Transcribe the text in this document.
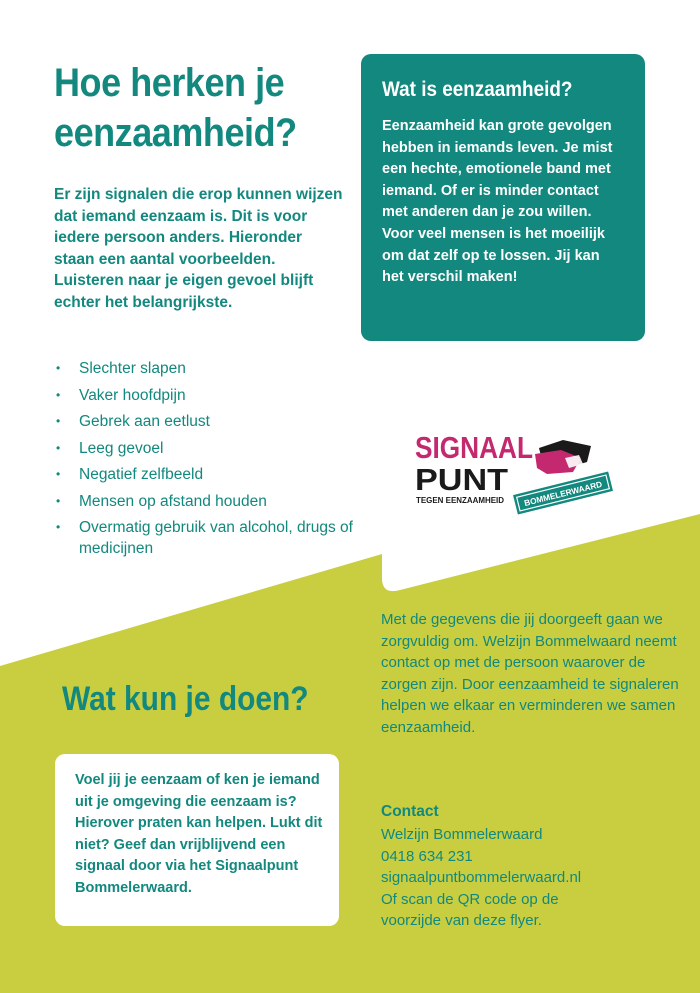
Hoe herken je eenzaamheid?

Er zijn signalen die erop kunnen wijzen dat iemand eenzaam is. Dit is voor iedere persoon anders. Hieronder staan een aantal voorbeelden. Luisteren naar je eigen gevoel blijft echter het belangrijkste.

• Slechter slapen
• Vaker hoofdpijn
• Gebrek aan eetlust
• Leeg gevoel
• Negatief zelfbeeld
• Mensen op afstand houden
• Overmatig gebruik van alcohol, drugs of medicijnen
Wat is eenzaamheid?

Eenzaamheid kan grote gevolgen hebben in iemands leven. Je mist een hechte, emotionele band met iemand. Of er is minder contact met anderen dan je zou willen. Voor veel mensen is het moeilijk om dat zelf op te lossen. Jij kan het verschil maken!

SIGNAAL
PUNT
TEGEN EENZAAMHEID BOMMELERWAARD
Wat kun je doen?

Voel jij je eenzaam of ken je iemand uit je omgeving die eenzaam is? Hierover praten kan helpen. Lukt dit niet? Geef dan vrijblijvend een signaal door via het Signaalpunt Bommelerwaard.

Met de gegevens die jij doorgeeft gaan we zorgvuldig om. Welzijn Bommelwaard neemt contact op met de persoon waarover de zorgen zijn. Door eenzaamheid te signaleren helpen we elkaar en verminderen we samen eenzaamheid.

Contact

Welzijn Bommelerwaard
0418 634 231
signaalpuntbommelerwaard.nl
Of scan de QR code op de
voorzijde van deze flyer.
